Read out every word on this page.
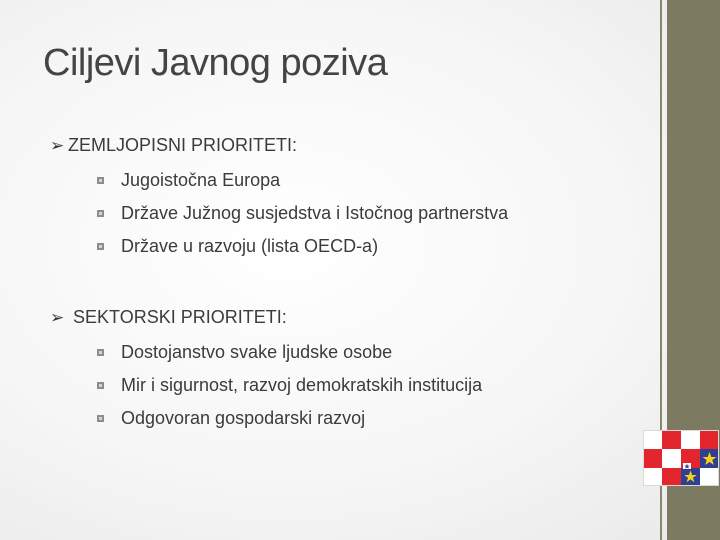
Ciljevi Javnog poziva
➢ ZEMLJOPISNI PRIORITETI:
Jugoistočna Europa
Države Južnog susjedstva i Istočnog partnerstva
Države u razvoju (lista OECD-a)
➢ SEKTORSKI PRIORITETI:
Dostojanstvo svake ljudske osobe
Mir i sigurnost, razvoj demokratskih institucija
Odgovoran gospodarski razvoj
